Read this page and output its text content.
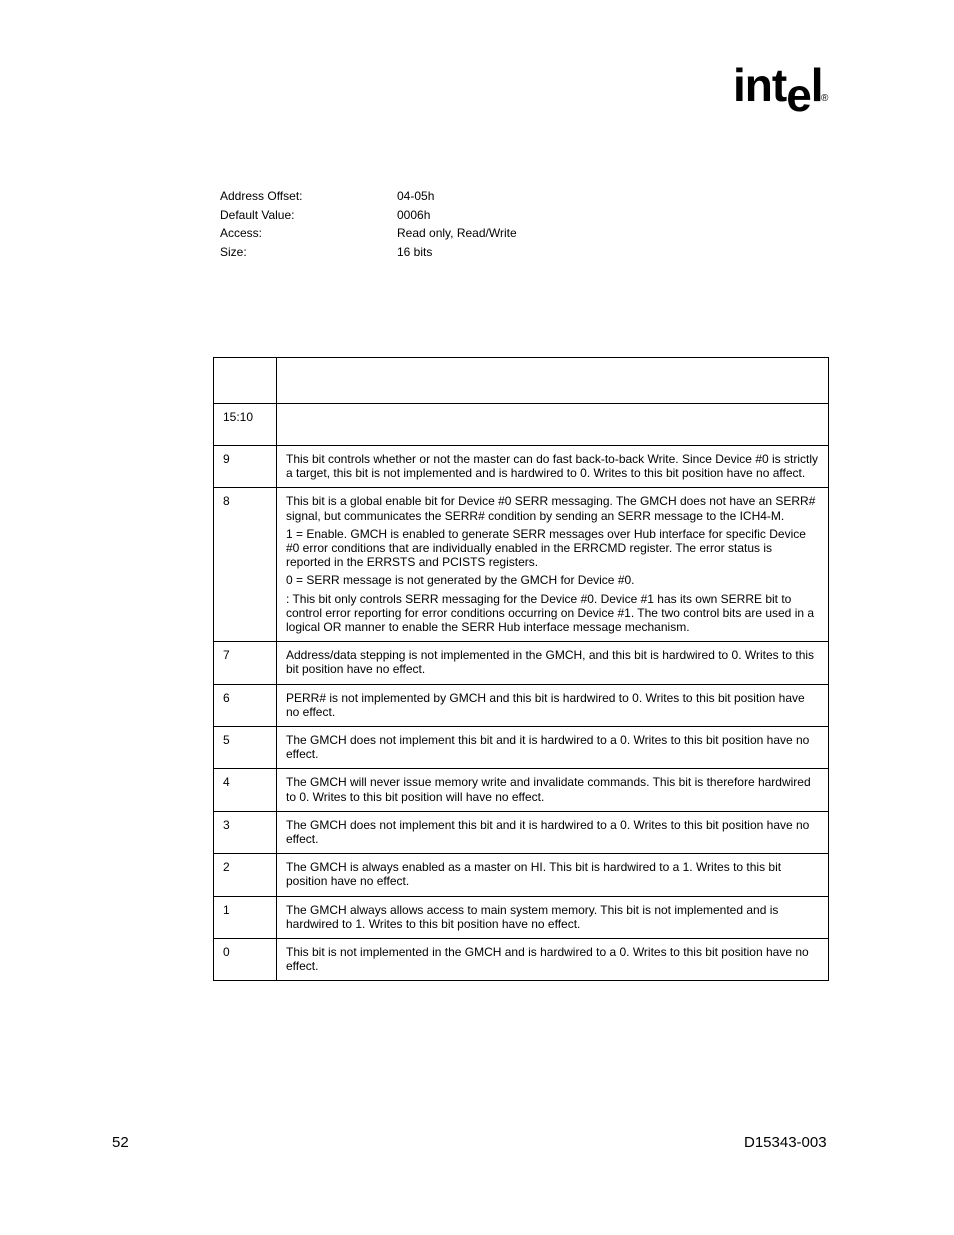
intel
®
Address Offset:	04-05h
Default Value:	0006h
Access:	Read only, Read/Write
Size:	16 bits

15:10	
9	This bit controls whether or not the master can do fast back-to-back Write. Since Device #0 is strictly a target, this bit is not implemented and is hardwired to 0. Writes to this bit position have no affect.

8	This bit is a global enable bit for Device #0 SERR messaging. The GMCH does not have an SERR# signal, but communicates the SERR# condition by sending an SERR message to the ICH4-M.

1 = Enable. GMCH is enabled to generate SERR messages over Hub interface for specific Device #0 error conditions that are individually enabled in the ERRCMD register. The error status is reported in the ERRSTS and PCISTS registers.

0 = SERR message is not generated by the GMCH for Device #0.

: This bit only controls SERR messaging for the Device #0. Device #1 has its own SERRE bit to control error reporting for error conditions occurring on Device #1. The two control bits are used in a logical OR manner to enable the SERR Hub interface message mechanism.

7	Address/data stepping is not implemented in the GMCH, and this bit is hardwired to 0. Writes to this bit position have no effect.

6	PERR# is not implemented by GMCH and this bit is hardwired to 0. Writes to this bit position have no effect.

5	The GMCH does not implement this bit and it is hardwired to a 0. Writes to this bit position have no effect.

4	The GMCH will never issue memory write and invalidate commands. This bit is therefore hardwired to 0. Writes to this bit position will have no effect.

3	The GMCH does not implement this bit and it is hardwired to a 0. Writes to this bit position have no effect.

2	The GMCH is always enabled as a master on HI. This bit is hardwired to a 1. Writes to this bit position have no effect.

1	The GMCH always allows access to main system memory. This bit is not implemented and is hardwired to 1. Writes to this bit position have no effect.

0	This bit is not implemented in the GMCH and is hardwired to a 0. Writes to this bit position have no effect.

52	D15343-003
